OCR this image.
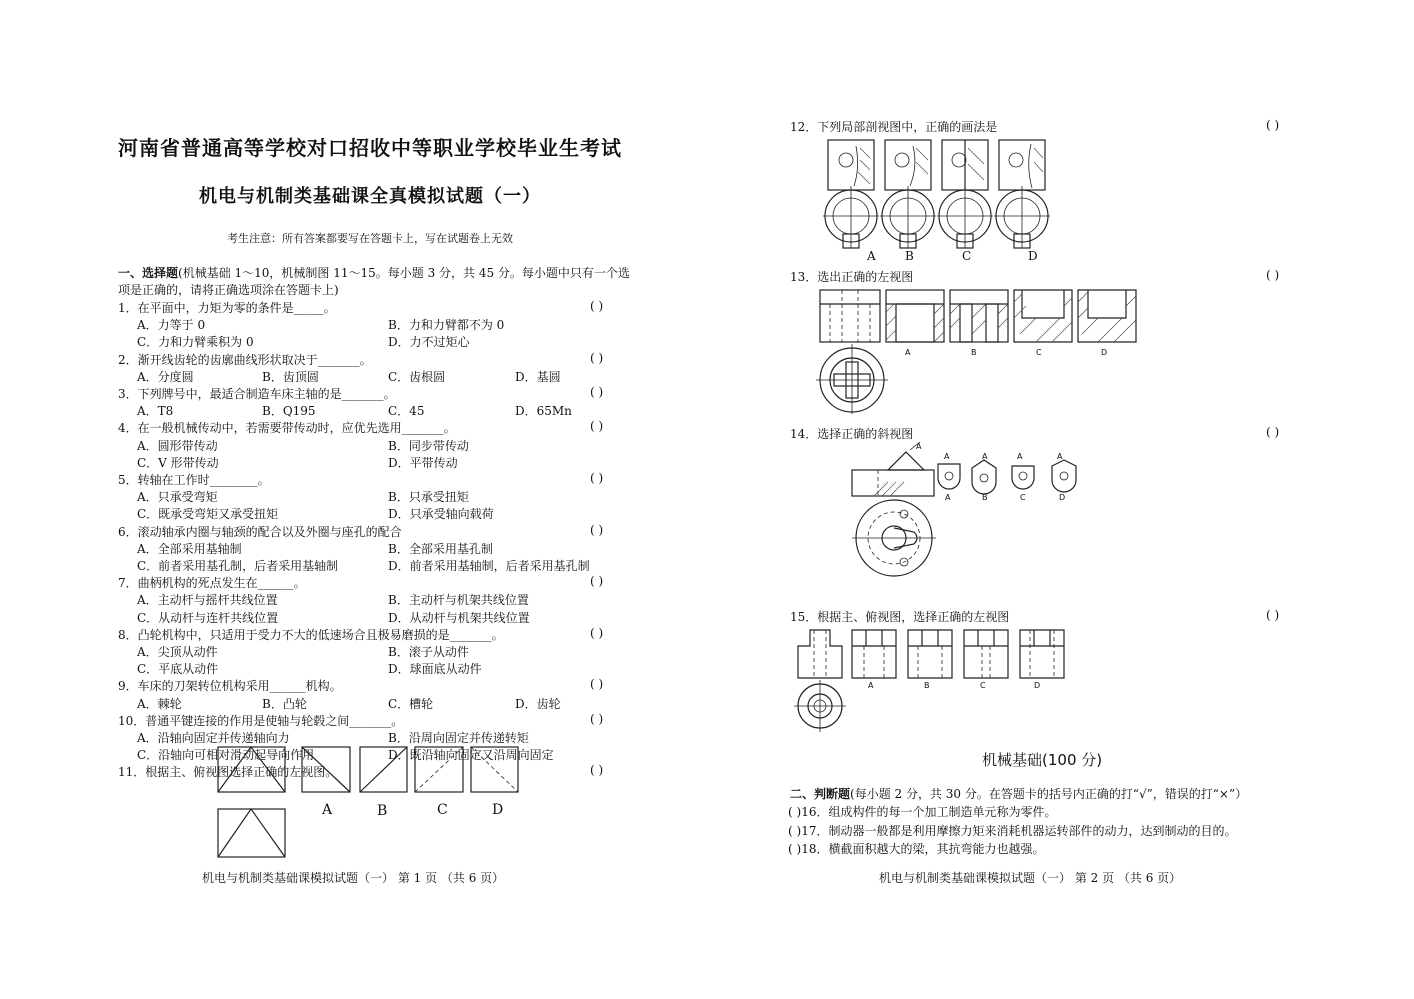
河南省普通高等学校对口招收中等职业学校毕业生考试
机电与机制类基础课全真模拟试题（一）
考生注意：所有答案都要写在答题卡上，写在试题卷上无效
一、选择题(机械基础 1～10，机械制图 11～15。每小题 3 分，共 45 分。每小题中只有一个选项是正确的，请将正确选项涂在答题卡上)
1．在平面中，力矩为零的条件是_____。	( )
A．力等于 0	B．力和力臂都不为 0
C．力和力臂乘积为 0	D．力不过矩心
2．渐开线齿轮的齿廓曲线形状取决于_______。	( )
A．分度圆	B．齿顶圆	C．齿根圆	D．基圆
3．下列牌号中，最适合制造车床主轴的是_______。	( )
A．T8	B．Q195	C．45	D．65Mn
4．在一般机械传动中，若需要带传动时，应优先选用_______。	( )
A．圆形带传动	B．同步带传动
C．V 形带传动	D．平带传动
5．转轴在工作时________。	( )
A．只承受弯矩	B．只承受扭矩
C．既承受弯矩又承受扭矩	D．只承受轴向载荷
6．滚动轴承内圈与轴颈的配合以及外圈与座孔的配合	( )
A．全部采用基轴制	B．全部采用基孔制
C．前者采用基孔制，后者采用基轴制	D．前者采用基轴制，后者采用基孔制
7．曲柄机构的死点发生在______。	( )
A．主动杆与摇杆共线位置	B．主动杆与机架共线位置
C．从动杆与连杆共线位置	D．从动杆与机架共线位置
8．凸轮机构中，只适用于受力不大的低速场合且极易磨损的是_______。	( )
A．尖顶从动件	B．滚子从动件
C．平底从动件	D．球面底从动件
9．车床的刀架转位机构采用______机构。	( )
A．棘轮	B．凸轮	C．槽轮	D．齿轮
10．普通平键连接的作用是使轴与轮毂之间_______。	( )
A．沿轴向固定并传递轴向力	B．沿周向固定并传递转矩
C．沿轴向可相对滑动起导向作用	D．既沿轴向固定又沿周向固定
11．根据主、俯视图选择正确的左视图。	( )
A	B	C	D
机电与机制类基础课模拟试题（一） 第 1 页 （共 6 页）
12．下列局部剖视图中，正确的画法是	( )
A B	C	D
13．选出正确的左视图	( )
A	B	C	D
14．选择正确的斜视图	( )
A
A	A	A	A
A	B	C	D
15．根据主、俯视图，选择正确的左视图	( )
A	B	C	D
机械基础(100 分)
二、判断题(每小题 2 分，共 30 分。在答题卡的括号内正确的打“√”，错误的打“×”）
( )16．组成构件的每一个加工制造单元称为零件。
( )17．制动器一般都是利用摩擦力矩来消耗机器运转部件的动力，达到制动的目的。
( )18．横截面积越大的梁，其抗弯能力也越强。
机电与机制类基础课模拟试题（一） 第 2 页 （共 6 页）
